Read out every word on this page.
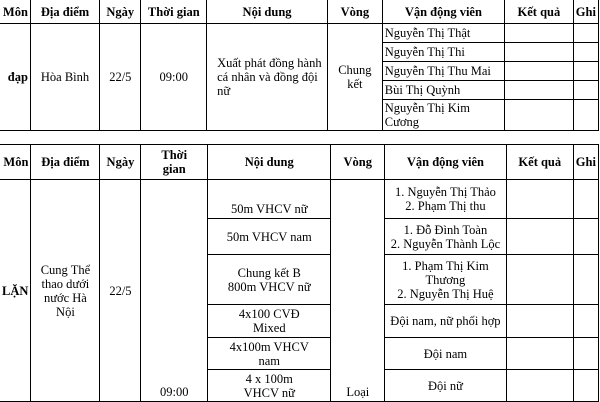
Môn	Địa điểm	Ngày	Thời gian	Nội dung	Vòng	Vận động viên	Kết quả	Ghi
đạp	Hòa Bình	22/5	09:00	Xuất phát đồng hành cá nhân và đồng đội nữ	Chung kết	Nguyễn Thị Thật		
						Nguyễn Thị Thi		
						Nguyễn Thị Thu Mai		
						Bùi Thị Quỳnh		
						Nguyễn Thị Kim Cương		
Môn	Địa điểm	Ngày	Thời gian	Nội dung	Vòng	Vận động viên	Kết quả	Ghi
LẶN	Cung Thể thao dưới nước Hà Nội	22/5	09:00	50m VHCV nữ	Loại	1. Nguyễn Thị Thảo
2. Phạm Thị thu		

				50m VHCV nam		1. Đỗ Đình Toàn
2. Nguyễn Thành Lộc		

				Chung kết B 800m VHCV nữ		1. Phạm Thị Kim Thương
2. Nguyễn Thị Huệ		

				4x100 CVĐ Mixed		Đội nam, nữ phối hợp		
				4x100m VHCV nam		Đội nam		
				4 x 100m VHCV nữ		Đội nữ		
